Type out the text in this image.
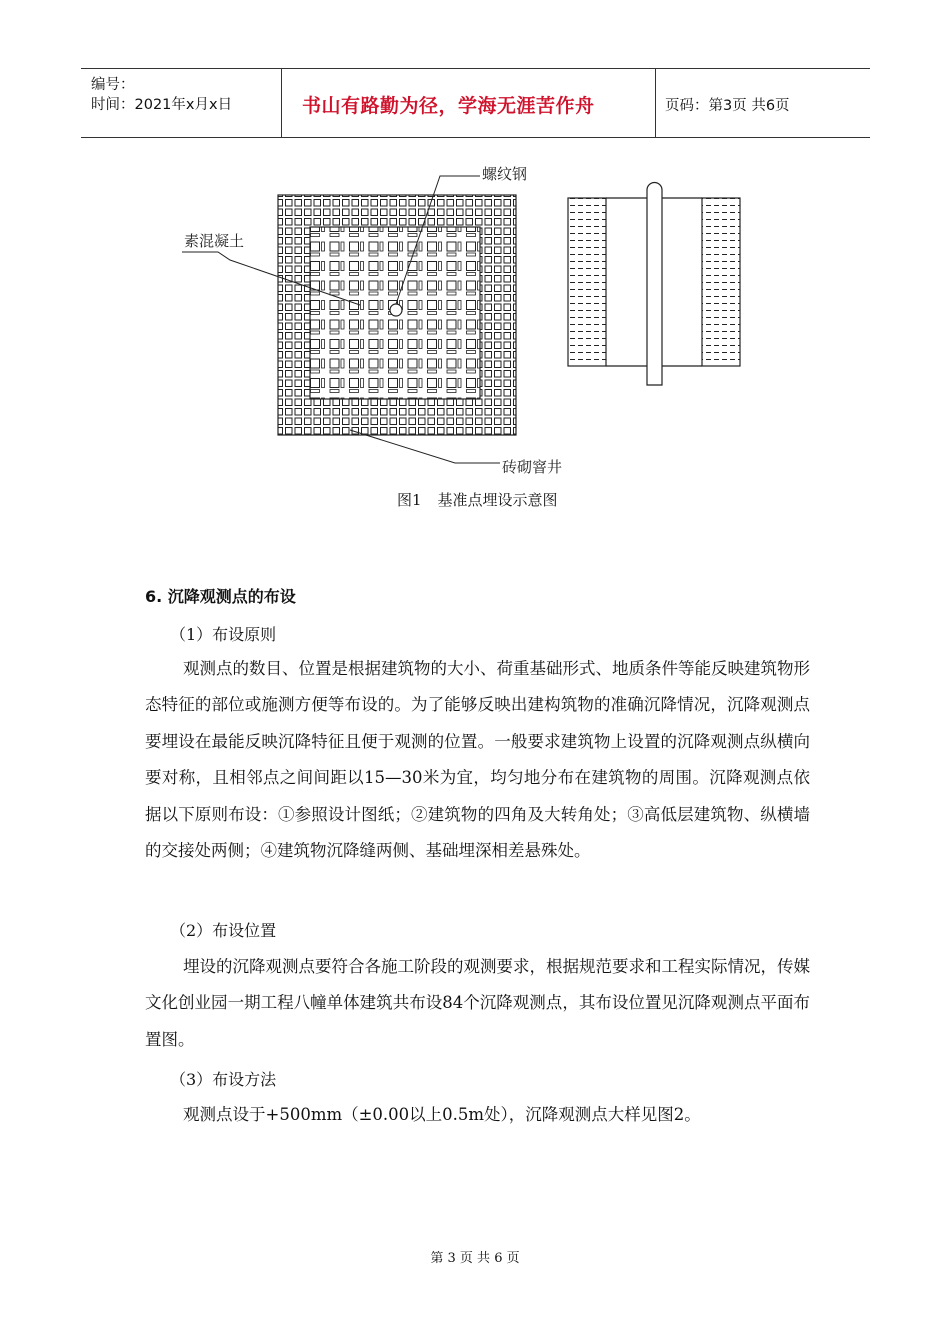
编号：
时间：2021年x月x日	书山有路勤为径，学海无涯苦作舟	页码：第3页 共6页
螺纹钢
素混凝土
砖砌窨井
图1 基准点埋设示意图
6. 沉降观测点的布设
（1）布设原则
观测点的数目、位置是根据建筑物的大小、荷重基础形式、地质条件等能反映建筑物形态特征的部位或施测方便等布设的。为了能够反映出建构筑物的准确沉降情况，沉降观测点要埋设在最能反映沉降特征且便于观测的位置。一般要求建筑物上设置的沉降观测点纵横向要对称，且相邻点之间间距以15—30米为宜，均匀地分布在建筑物的周围。沉降观测点依据以下原则布设：①参照设计图纸；②建筑物的四角及大转角处；③高低层建筑物、纵横墙的交接处两侧；④建筑物沉降缝两侧、基础埋深相差悬殊处。
（2）布设位置
埋设的沉降观测点要符合各施工阶段的观测要求，根据规范要求和工程实际情况，传媒文化创业园一期工程八幢单体建筑共布设84个沉降观测点，其布设位置见沉降观测点平面布置图。
（3）布设方法
观测点设于+500mm（±0.00以上0.5m处），沉降观测点大样见图2。
第 3 页 共 6 页
